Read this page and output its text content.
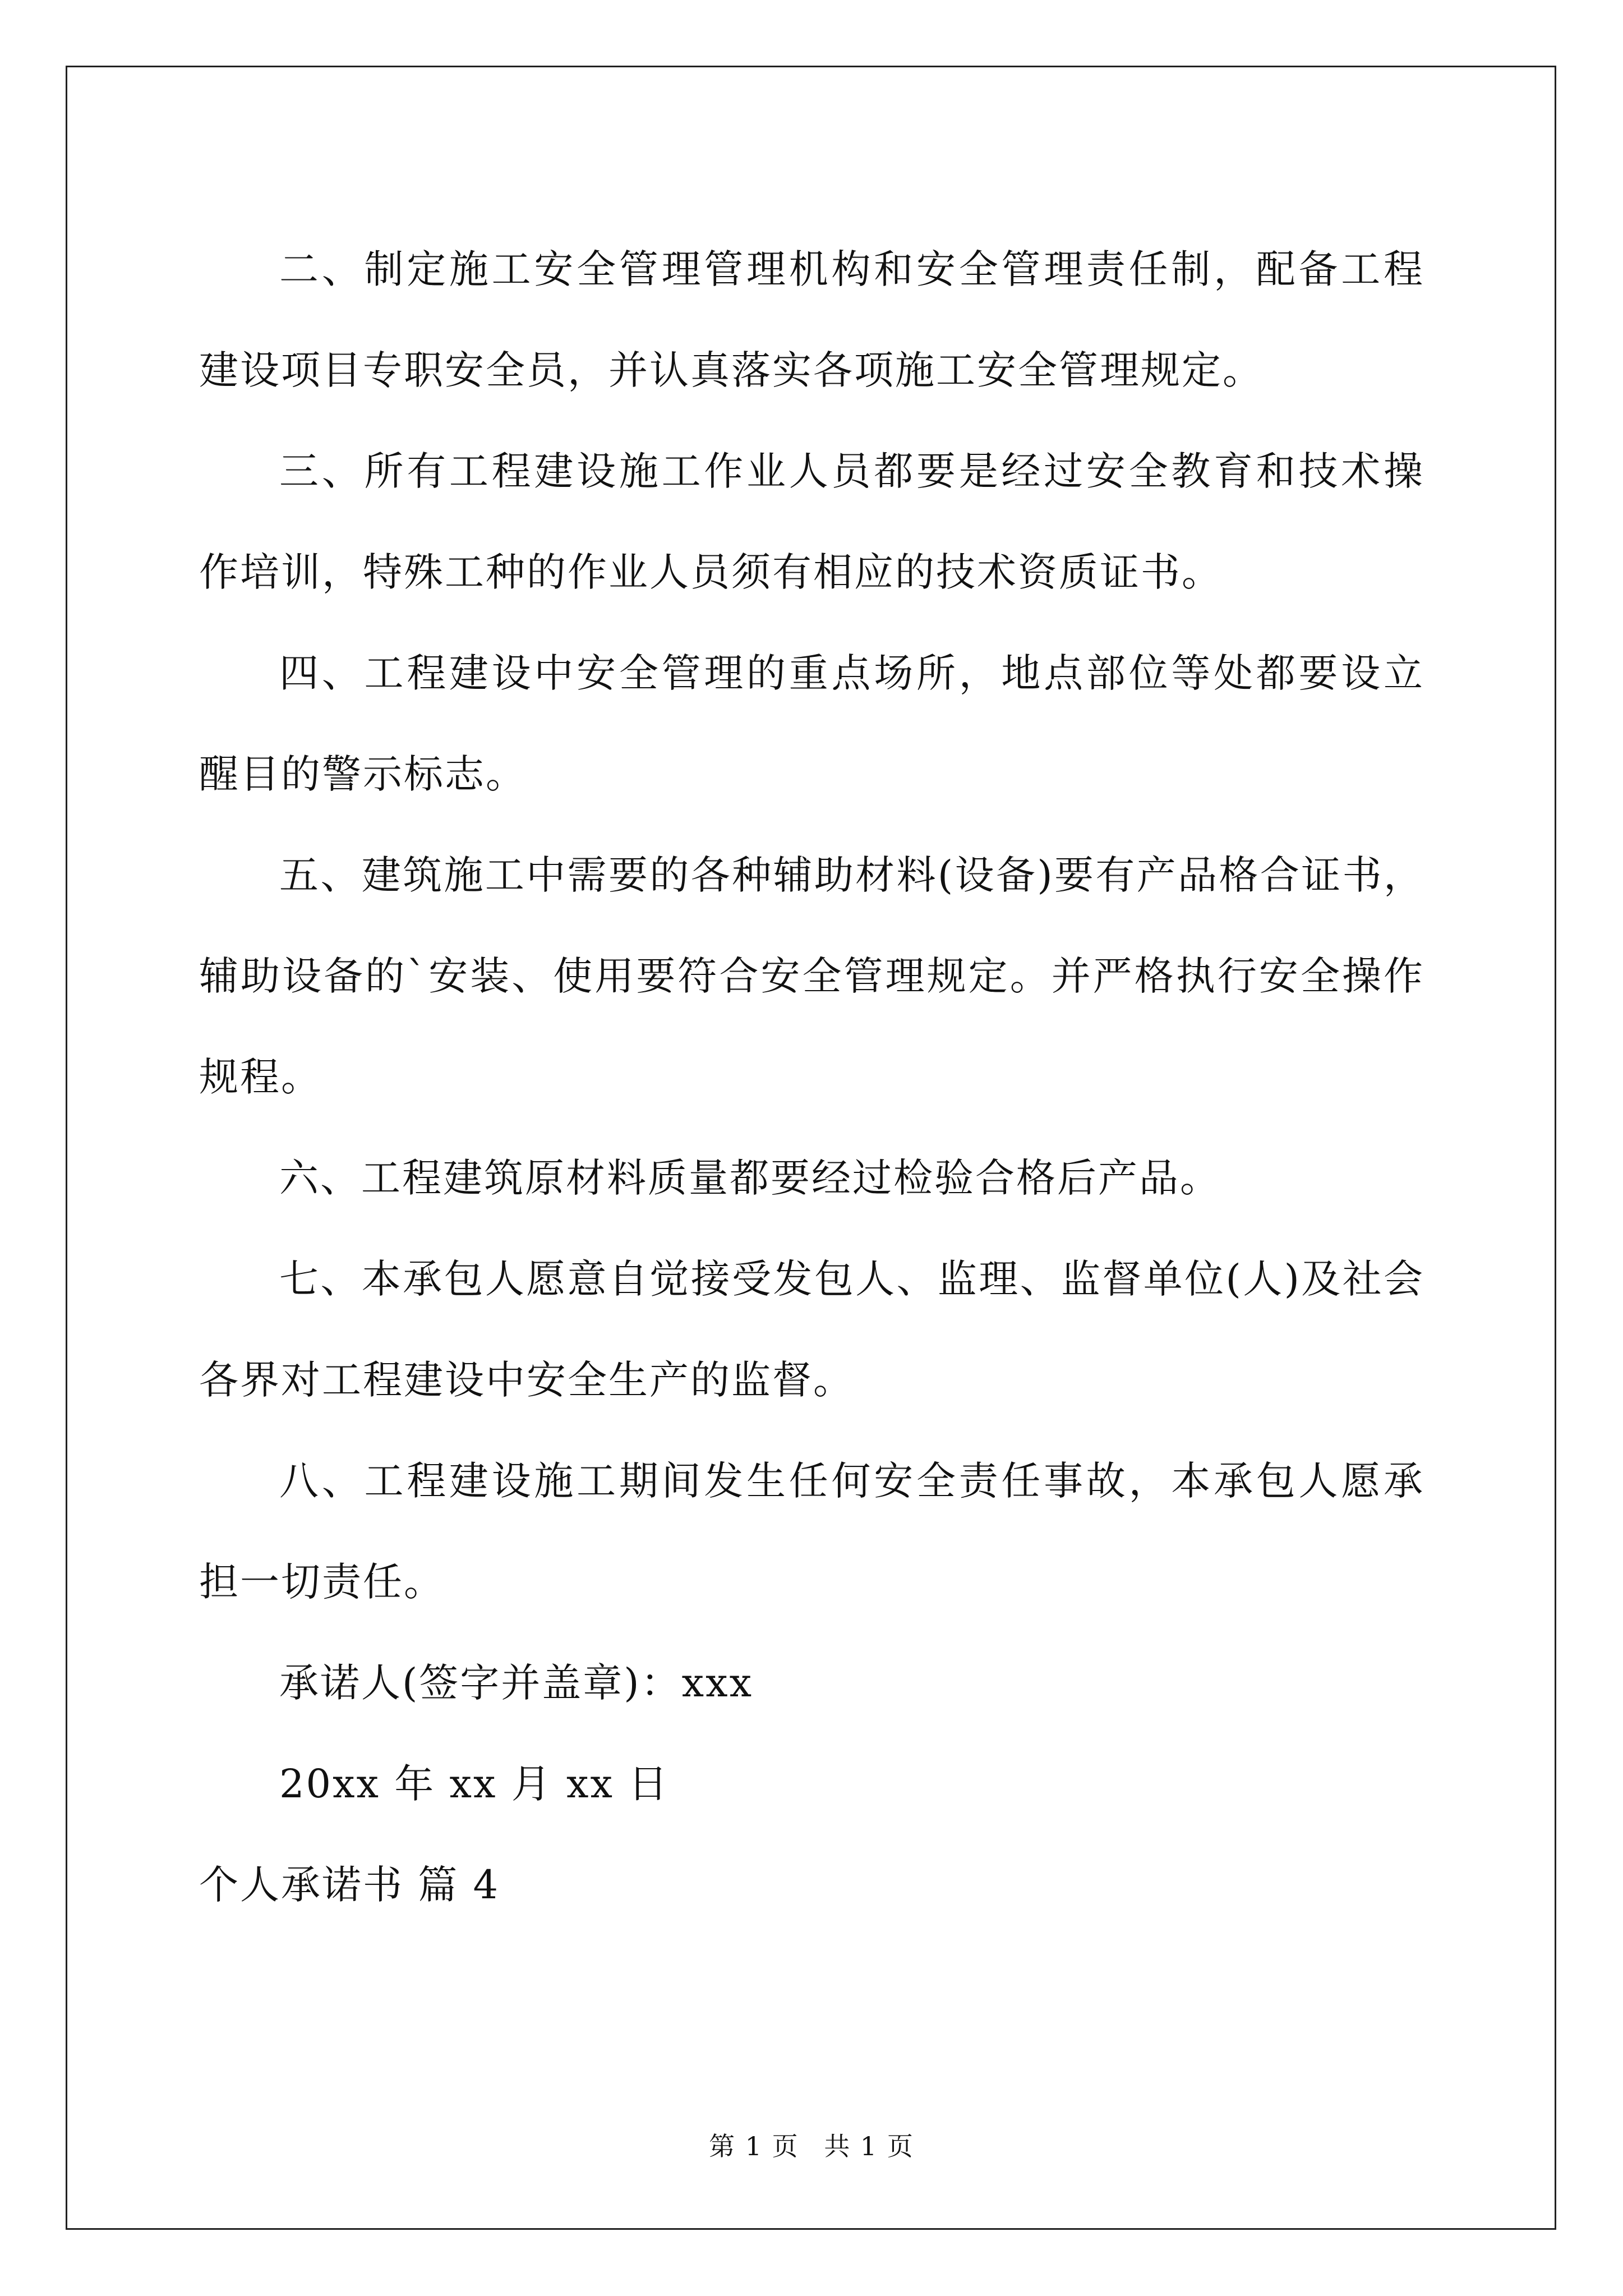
二、制定施工安全管理管理机构和安全管理责任制，配备工程建设项目专职安全员，并认真落实各项施工安全管理规定。

三、所有工程建设施工作业人员都要是经过安全教育和技术操作培训，特殊工种的作业人员须有相应的技术资质证书。

四、工程建设中安全管理的重点场所，地点部位等处都要设立醒目的警示标志。

五、建筑施工中需要的各种辅助材料(设备)要有产品格合证书，辅助设备的`安装、使用要符合安全管理规定。并严格执行安全操作规程。

六、工程建筑原材料质量都要经过检验合格后产品。

七、本承包人愿意自觉接受发包人、监理、监督单位(人)及社会各界对工程建设中安全生产的监督。

八、工程建设施工期间发生任何安全责任事故，本承包人愿承担一切责任。

承诺人(签字并盖章)：xxx

20xx 年 xx 月 xx 日

个人承诺书 篇 4

第 1 页 共 1 页
